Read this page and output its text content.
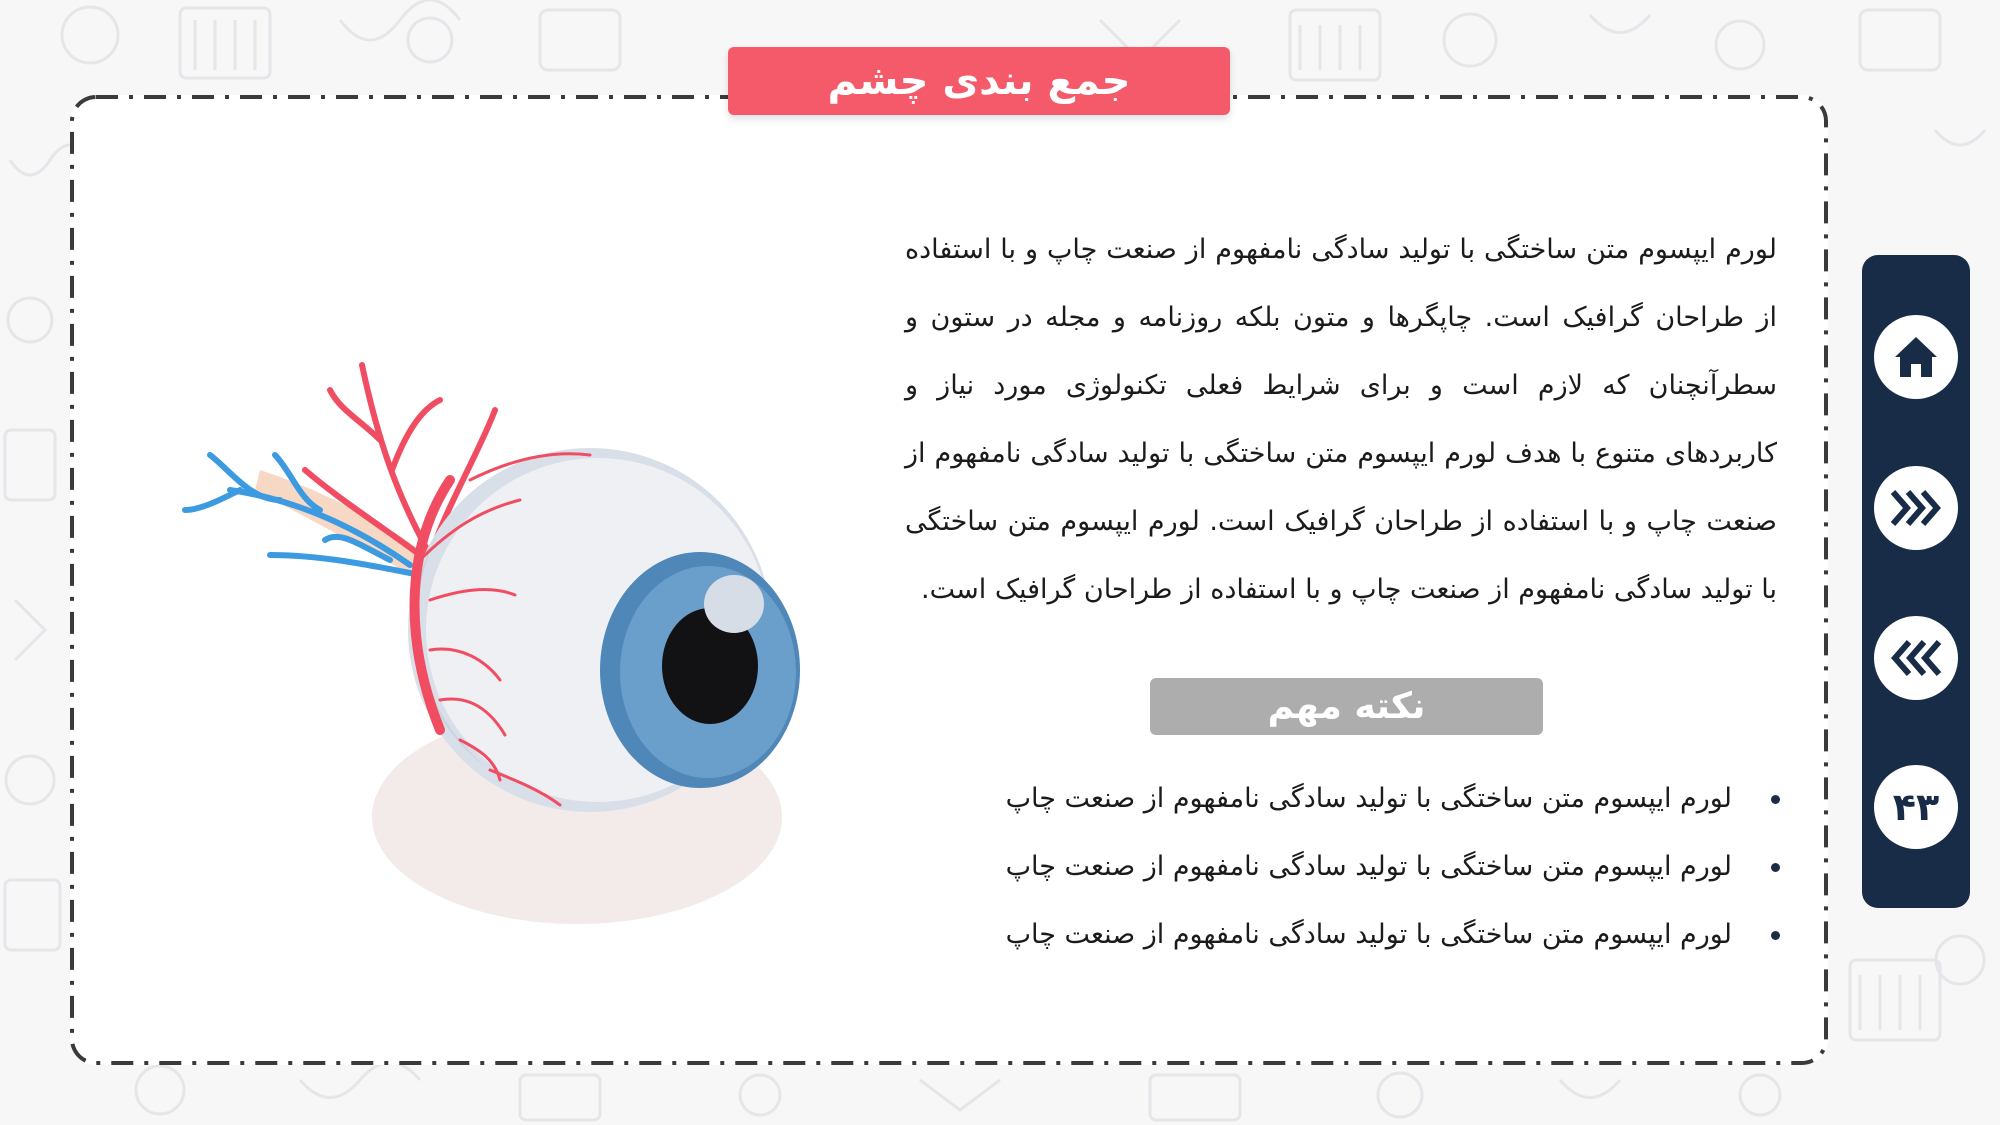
جمع بندی چشم
لورم ایپسوم متن ساختگی با تولید سادگی نامفهوم از صنعت چاپ و با استفاده از طراحان گرافیک است. چاپگرها و متون بلکه روزنامه و مجله در ستون و سطرآنچنان که لازم است و برای شرایط فعلی تکنولوژی مورد نیاز و کاربردهای متنوع با هدف لورم ایپسوم متن ساختگی با تولید سادگی نامفهوم از صنعت چاپ و با استفاده از طراحان گرافیک است. لورم ایپسوم متن ساختگی با تولید سادگی نامفهوم از صنعت چاپ و با استفاده از طراحان گرافیک است.
نکته مهم
لورم ایپسوم متن ساختگی با تولید سادگی نامفهوم از صنعت چاپ
لورم ایپسوم متن ساختگی با تولید سادگی نامفهوم از صنعت چاپ
لورم ایپسوم متن ساختگی با تولید سادگی نامفهوم از صنعت چاپ
۴۳
